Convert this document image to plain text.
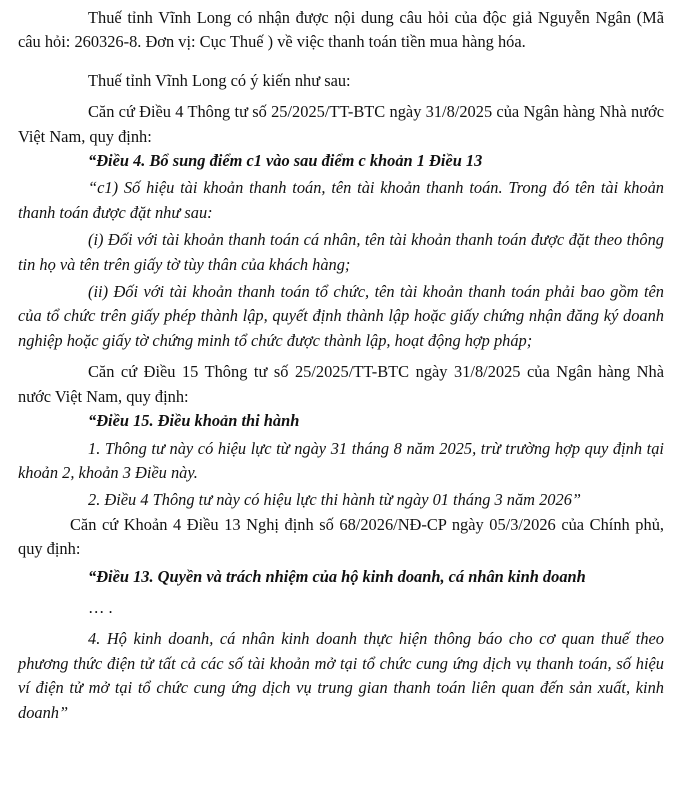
Thuế tỉnh Vĩnh Long có nhận được nội dung câu hỏi của độc giả Nguyễn Ngân (Mã câu hỏi: 260326-8. Đơn vị: Cục Thuế ) về việc thanh toán tiền mua hàng hóa.

Thuế tỉnh Vĩnh Long có ý kiến như sau:

Căn cứ Điều 4 Thông tư số 25/2025/TT-BTC ngày 31/8/2025 của Ngân hàng Nhà nước Việt Nam, quy định:

“Điều 4. Bổ sung điểm c1 vào sau điểm c khoản 1 Điều 13

“c1) Số hiệu tài khoản thanh toán, tên tài khoản thanh toán. Trong đó tên tài khoản thanh toán được đặt như sau:

(i) Đối với tài khoản thanh toán cá nhân, tên tài khoản thanh toán được đặt theo thông tin họ và tên trên giấy tờ tùy thân của khách hàng;

(ii) Đối với tài khoản thanh toán tổ chức, tên tài khoản thanh toán phải bao gồm tên của tổ chức trên giấy phép thành lập, quyết định thành lập hoặc giấy chứng nhận đăng ký doanh nghiệp hoặc giấy tờ chứng minh tổ chức được thành lập, hoạt động hợp pháp;

Căn cứ Điều 15 Thông tư số 25/2025/TT-BTC ngày 31/8/2025 của Ngân hàng Nhà nước Việt Nam, quy định:

“Điều 15. Điều khoản thi hành

1. Thông tư này có hiệu lực từ ngày 31 tháng 8 năm 2025, trừ trường hợp quy định tại khoản 2, khoản 3 Điều này.

2. Điều 4 Thông tư này có hiệu lực thi hành từ ngày 01 tháng 3 năm 2026”

Căn cứ Khoản 4 Điều 13 Nghị định số 68/2026/NĐ-CP ngày 05/3/2026 của Chính phủ, quy định:

“Điều 13. Quyền và trách nhiệm của hộ kinh doanh, cá nhân kinh doanh

… .

4. Hộ kinh doanh, cá nhân kinh doanh thực hiện thông báo cho cơ quan thuế theo phương thức điện tử tất cả các số tài khoản mở tại tổ chức cung ứng dịch vụ thanh toán, số hiệu ví điện tử mở tại tổ chức cung ứng dịch vụ trung gian thanh toán liên quan đến sản xuất, kinh doanh”
